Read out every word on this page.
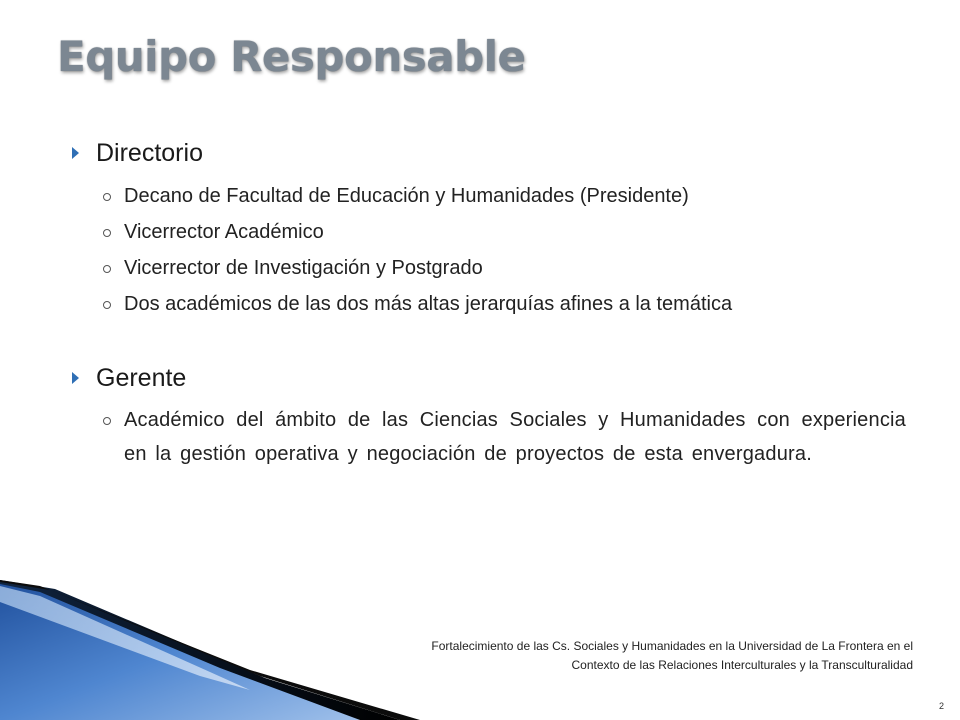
Equipo Responsable
Directorio
Decano de Facultad de Educación y Humanidades (Presidente)
Vicerrector Académico
Vicerrector de Investigación y Postgrado
Dos académicos de las dos más altas jerarquías afines a la temática
Gerente
Académico del ámbito de las Ciencias Sociales y Humanidades con experiencia en la gestión operativa y negociación de proyectos de esta envergadura.
Fortalecimiento de las Cs. Sociales y Humanidades en la Universidad de La Frontera en el
Contexto de las Relaciones Interculturales y la Transculturalidad
2
